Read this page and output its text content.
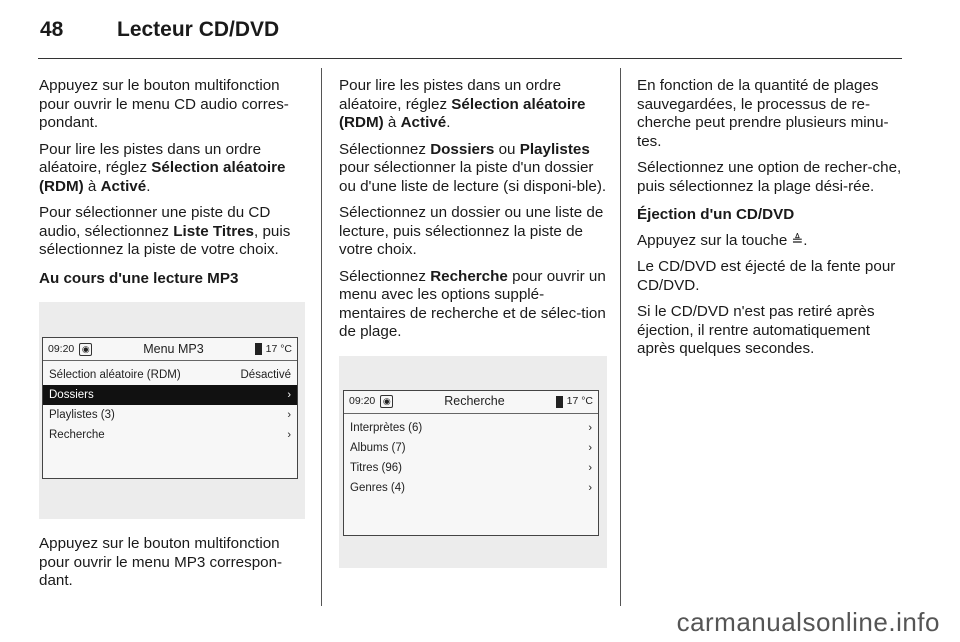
48	Lecteur CD/DVD

Appuyez sur le bouton multifonction pour ouvrir le menu CD audio corres-pondant.

Pour lire les pistes dans un ordre aléatoire, réglez Sélection aléatoire (RDM) à Activé.

Pour sélectionner une piste du CD audio, sélectionnez Liste Titres, puis sélectionnez la piste de votre choix.

Au cours d'une lecture MP3
09:20 ◉	Menu MP3	17 °C
Sélection aléatoire (RDM)	Désactivé
Dossiers	›
Playlistes (3)	›
Recherche	›

Appuyez sur le bouton multifonction pour ouvrir le menu MP3 correspon-dant.

Pour lire les pistes dans un ordre aléatoire, réglez Sélection aléatoire (RDM) à Activé.

Sélectionnez Dossiers ou Playlistes pour sélectionner la piste d'un dossier ou d'une liste de lecture (si disponi-ble).

Sélectionnez un dossier ou une liste de lecture, puis sélectionnez la piste de votre choix.

Sélectionnez Recherche pour ouvrir un menu avec les options supplé-mentaires de recherche et de sélec-tion de plage.

09:20 ◉	Recherche	17 °C
Interprètes (6)	›
Albums (7)	›
Titres (96)	›
Genres (4)	›

En fonction de la quantité de plages sauvegardées, le processus de re-cherche peut prendre plusieurs minu-tes.

Sélectionnez une option de recher-che, puis sélectionnez la plage dési-rée.

Éjection d'un CD/DVD

Appuyez sur la touche ≜.

Le CD/DVD est éjecté de la fente pour CD/DVD.

Si le CD/DVD n'est pas retiré après éjection, il rentre automatiquement après quelques secondes.

carmanualsonline.info
